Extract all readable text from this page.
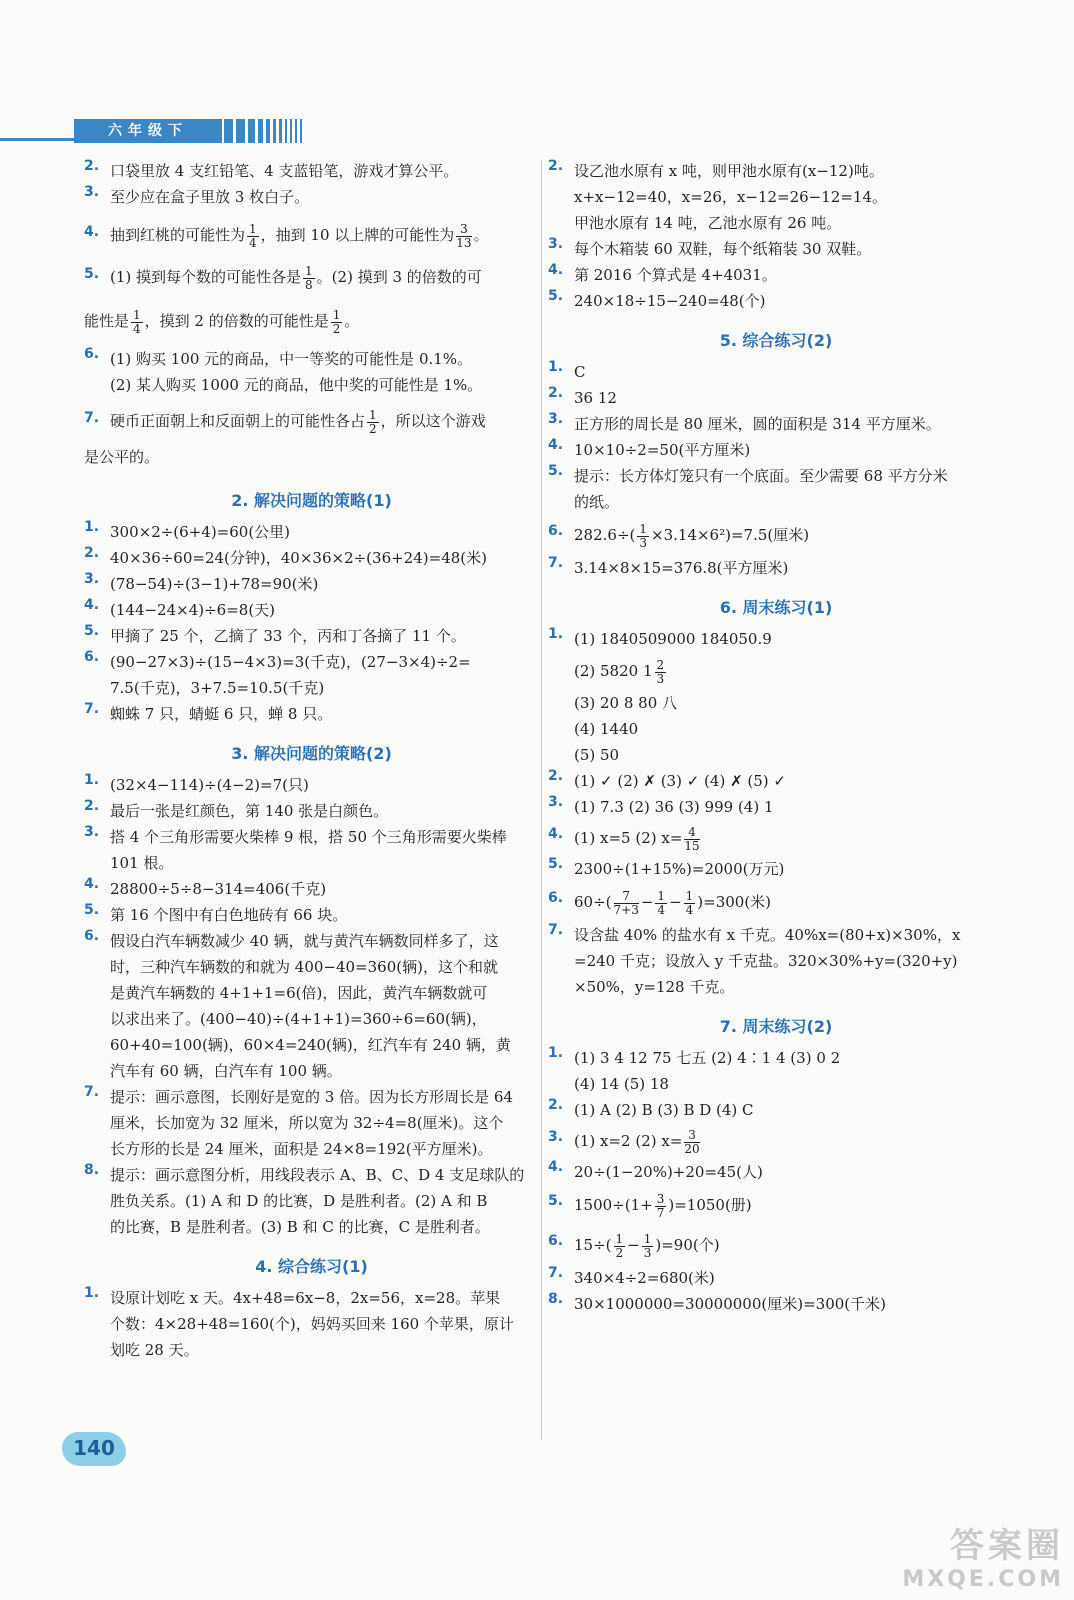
六年级下
2. 口袋里放 4 支红铅笔、4 支蓝铅笔，游戏才算公平。
3. 至少应在盒子里放 3 枚白子。
4. 抽到红桃的可能性为 $\frac{1}{4}$ ，抽到 10 以上牌的可能性为 $\frac{3}{13}$ 。
5. (1) 摸到每个数的可能性各是 $\frac{1}{8}$ 。(2) 摸到 3 的倍数的可
能性是 $\frac{1}{4}$ ，摸到 2 的倍数的可能性是 $\frac{1}{2}$ 。
6. (1) 购买 100 元的商品，中一等奖的可能性是 0.1%。
(2) 某人购买 1000 元的商品，他中奖的可能性是 1%。
7. 硬币正面朝上和反面朝上的可能性各占 $\frac{1}{2}$ ，所以这个游戏
是公平的。
2. 解决问题的策略(1)
1. 300×2÷(6+4)=60(公里)
2. 40×36÷60=24(分钟)，40×36×2÷(36+24)=48(米)
3. (78−54)÷(3−1)+78=90(米)
4. (144−24×4)÷6=8(天)
5. 甲摘了 25 个，乙摘了 33 个，丙和丁各摘了 11 个。
6. (90−27×3)÷(15−4×3)=3(千克)，(27−3×4)÷2=
7.5(千克)，3+7.5=10.5(千克)
7. 蜘蛛 7 只，蜻蜓 6 只，蝉 8 只。
3. 解决问题的策略(2)
1. (32×4−114)÷(4−2)=7(只)
2. 最后一张是红颜色，第 140 张是白颜色。
3. 搭 4 个三角形需要火柴棒 9 根，搭 50 个三角形需要火柴棒
101 根。
4. 28800÷5÷8−314=406(千克)
5. 第 16 个图中有白色地砖有 66 块。
6. 假设白汽车辆数减少 40 辆，就与黄汽车辆数同样多了，这
时，三种汽车辆数的和就为 400−40=360(辆)，这个和就
是黄汽车辆数的 4+1+1=6(倍)，因此，黄汽车辆数就可
以求出来了。(400−40)÷(4+1+1)=360÷6=60(辆)，
60+40=100(辆)，60×4=240(辆)，红汽车有 240 辆，黄
汽车有 60 辆，白汽车有 100 辆。
7. 提示：画示意图，长刚好是宽的 3 倍。因为长方形周长是 64
厘米，长加宽为 32 厘米，所以宽为 32÷4=8(厘米)。这个
长方形的长是 24 厘米，面积是 24×8=192(平方厘米)。
8. 提示：画示意图分析，用线段表示 A、B、C、D 4 支足球队的
胜负关系。(1) A 和 D 的比赛，D 是胜利者。(2) A 和 B
的比赛，B 是胜利者。(3) B 和 C 的比赛，C 是胜利者。
4. 综合练习(1)
1. 设原计划吃 x 天。4x+48=6x−8，2x=56，x=28。苹果
个数：4×28+48=160(个)，妈妈买回来 160 个苹果，原计
划吃 28 天。
2. 设乙池水原有 x 吨，则甲池水原有(x−12)吨。
x+x−12=40，x=26，x−12=26−12=14。
甲池水原有 14 吨，乙池水原有 26 吨。
3. 每个木箱装 60 双鞋，每个纸箱装 30 双鞋。
4. 第 2016 个算式是 4+4031。
5. 240×18÷15−240=48(个)
5. 综合练习(2)
1. C
2. 36 12
3. 正方形的周长是 80 厘米，圆的面积是 314 平方厘米。
4. 10×10÷2=50(平方厘米)
5. 提示：长方体灯笼只有一个底面。至少需要 68 平方分米
的纸。
6. $282.6\div( \frac{1}{3} \times 3.14\times 6^2)=7.5$(厘米)
7. 3.14×8×15=376.8(平方厘米)
6. 周末练习(1)
1. (1) 1840509000 184050.9
(2) 5820 $1 \frac{2}{3}$
(3) 20 8 80 八
(4) 1440
(5) 50
2. (1) ✓ (2) ✗ (3) ✓ (4) ✗ (5) ✓
3. (1) 7.3 (2) 36 (3) 999 (4) 1
4. (1) x=5 (2) $x= \frac{4}{15}$
5. 2300÷(1+15%)=2000(万元)
6. $60\div( \frac{7}{7+3} - \frac{1}{4} - \frac{1}{4} )=300$(米)
7. 设含盐 40% 的盐水有 x 千克。40%x=(80+x)×30%，x
=240 千克；设放入 y 千克盐。320×30%+y=(320+y)
×50%，y=128 千克。
7. 周末练习(2)
1. (1) 3 4 12 75 七五 (2) 4∶1 4 (3) 0 2
(4) 14 (5) 18
2. (1) A (2) B (3) B D (4) C
3. (1) x=2 (2) $x= \frac{3}{20}$
4. 20÷(1−20%)+20=45(人)
5. $1500\div(1+ \frac{3}{7} )=1050$(册)
6. $15\div( \frac{1}{2} - \frac{1}{3} )=90$(个)
7. 340×4÷2=680(米)
8. 30×1000000=30000000(厘米)=300(千米)
140
答案圈
MXQE.COM
